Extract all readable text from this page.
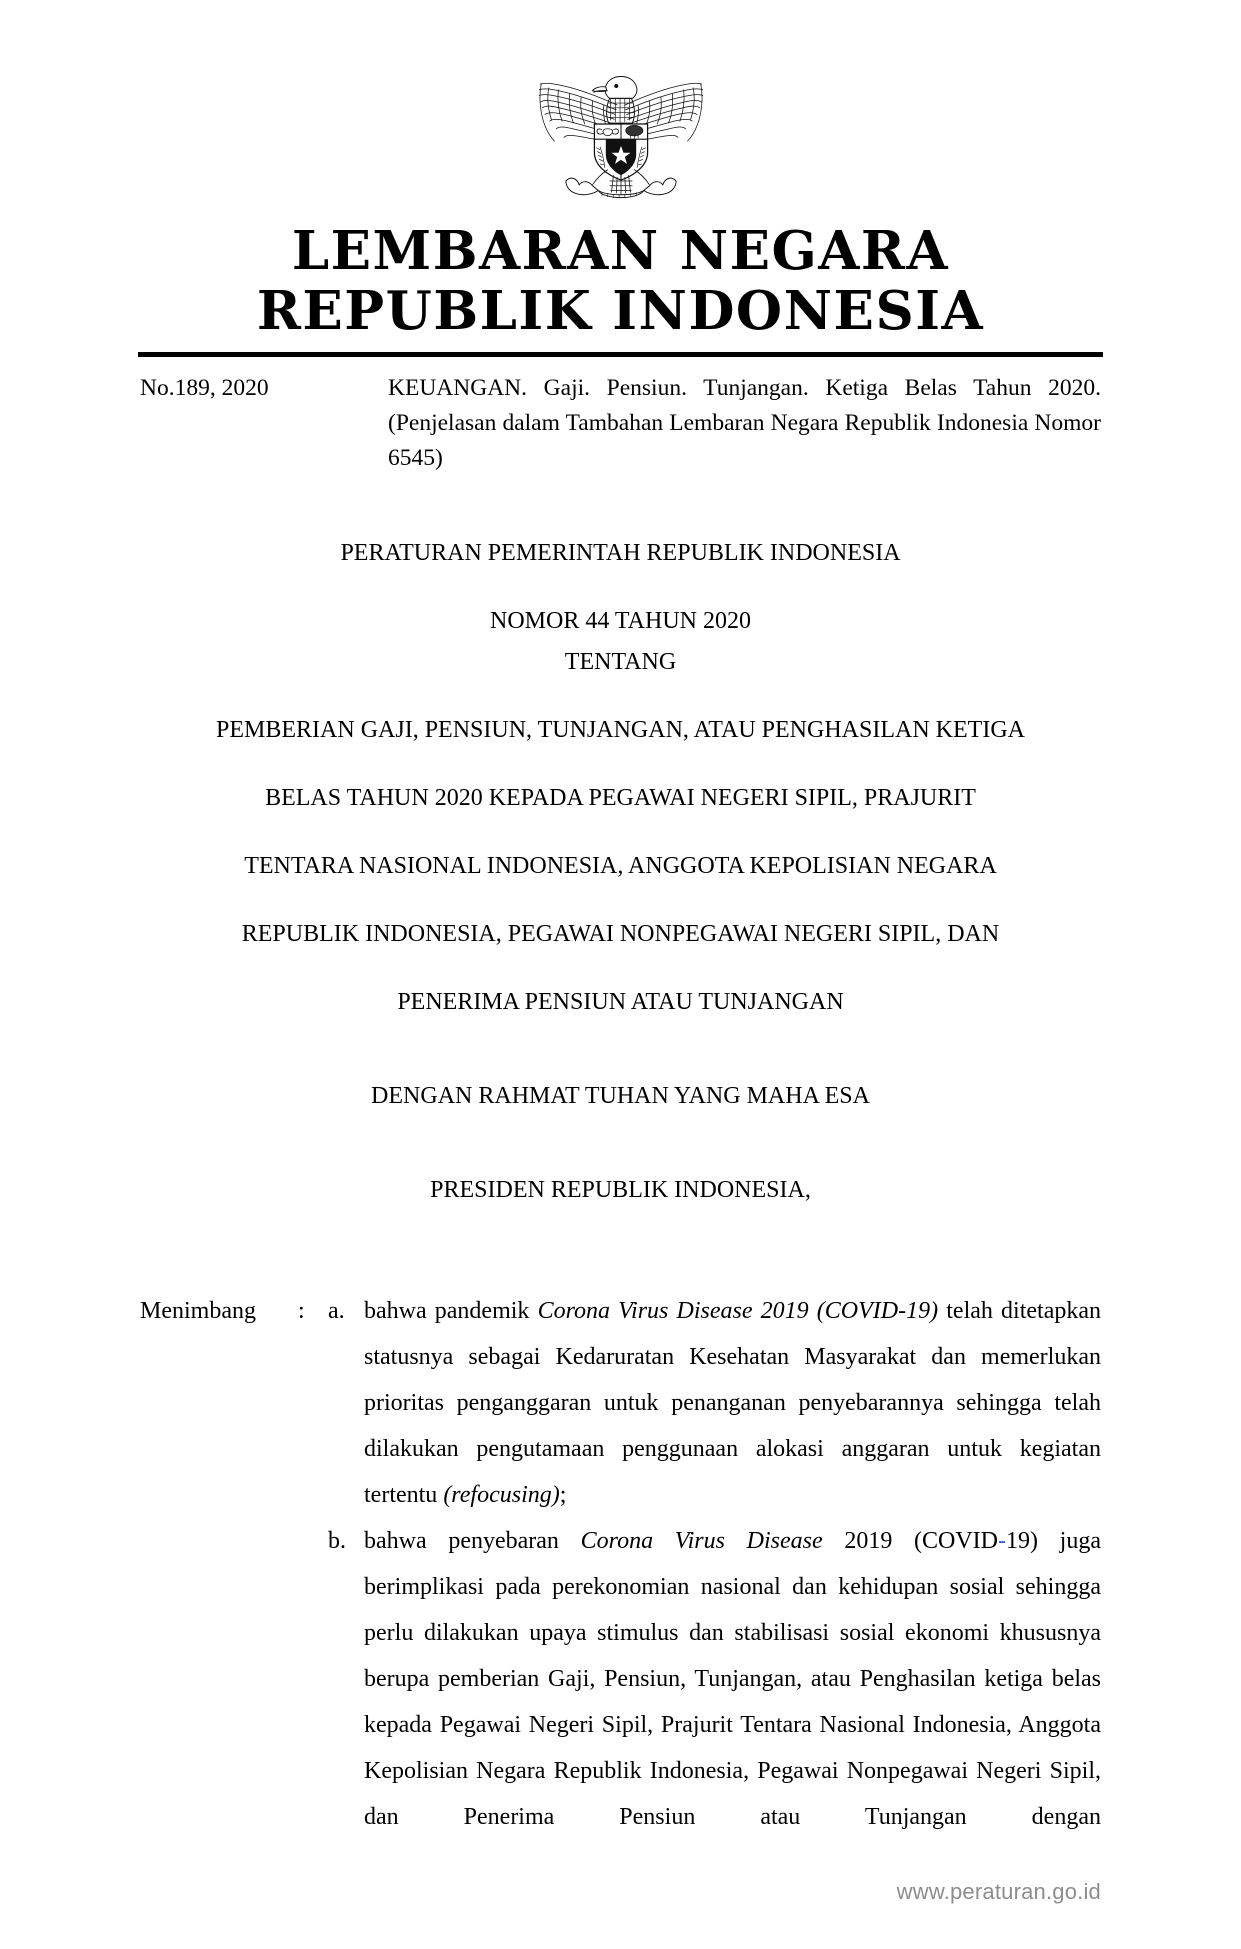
LEMBARAN NEGARA
REPUBLIK INDONESIA
No.189, 2020	KEUANGAN. Gaji. Pensiun. Tunjangan. Ketiga Belas Tahun 2020. (Penjelasan dalam Tambahan Lembaran Negara Republik Indonesia Nomor 6545)
PERATURAN PEMERINTAH REPUBLIK INDONESIA
NOMOR 44 TAHUN 2020
TENTANG
PEMBERIAN GAJI, PENSIUN, TUNJANGAN, ATAU PENGHASILAN KETIGA
BELAS TAHUN 2020 KEPADA PEGAWAI NEGERI SIPIL, PRAJURIT
TENTARA NASIONAL INDONESIA, ANGGOTA KEPOLISIAN NEGARA
REPUBLIK INDONESIA, PEGAWAI NONPEGAWAI NEGERI SIPIL, DAN
PENERIMA PENSIUN ATAU TUNJANGAN
DENGAN RAHMAT TUHAN YANG MAHA ESA
PRESIDEN REPUBLIK INDONESIA,
Menimbang	: a. bahwa pandemik Corona Virus Disease 2019 (COVID-19) telah ditetapkan statusnya sebagai Kedaruratan Kesehatan Masyarakat dan memerlukan prioritas penganggaran untuk penanganan penyebarannya sehingga telah dilakukan pengutamaan penggunaan alokasi anggaran untuk kegiatan tertentu (refocusing);
b. bahwa penyebaran Corona Virus Disease 2019 (COVID-19) juga berimplikasi pada perekonomian nasional dan kehidupan sosial sehingga perlu dilakukan upaya stimulus dan stabilisasi sosial ekonomi khususnya berupa pemberian Gaji, Pensiun, Tunjangan, atau Penghasilan ketiga belas kepada Pegawai Negeri Sipil, Prajurit Tentara Nasional Indonesia, Anggota Kepolisian Negara Republik Indonesia, Pegawai Nonpegawai Negeri Sipil, dan Penerima Pensiun atau Tunjangan dengan
www.peraturan.go.id
